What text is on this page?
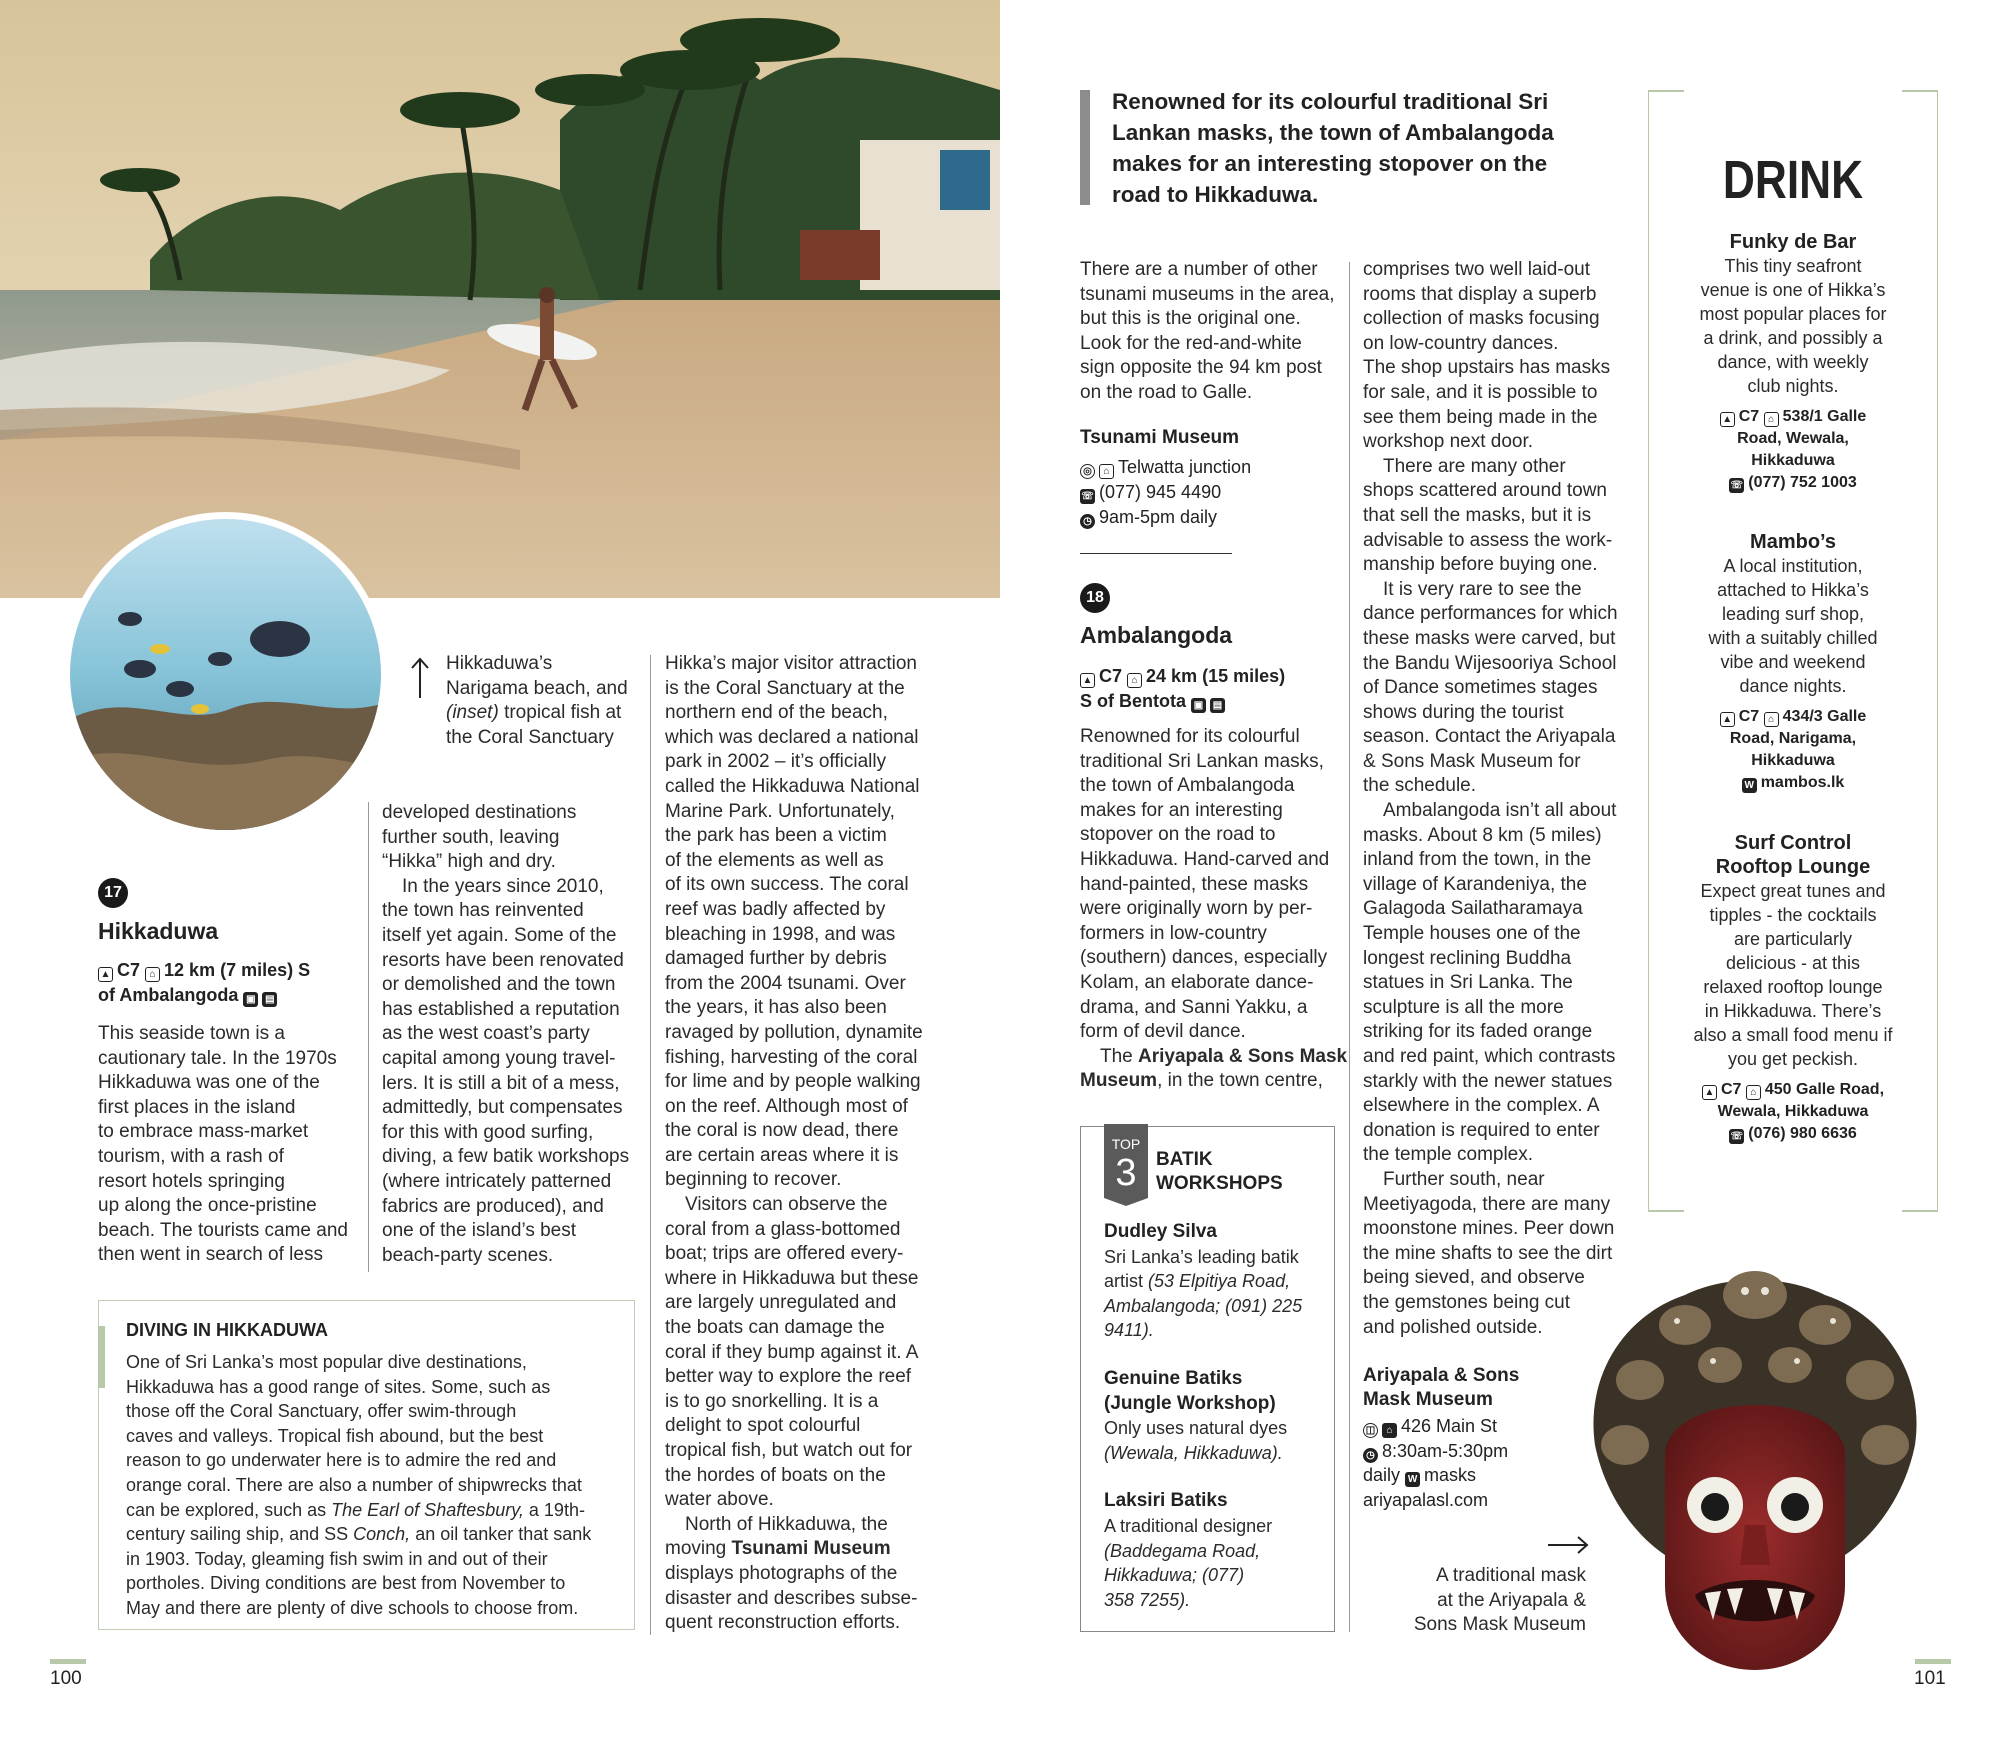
Hikkaduwa’s

Narigama beach, and

(inset) tropical fish at

the Coral Sanctuary

17
Hikkaduwa
▲ C7 ⌂ 12 km (7 miles) S
of Ambalangoda ▣ ▤

This seaside town is a

cautionary tale. In the 1970s

Hikkaduwa was one of the

first places in the island

to embrace mass-market

tourism, with a rash of

resort hotels springing

up along the once-pristine

beach. The tourists came and

then went in search of less

developed destinations

further south, leaving

“Hikka” high and dry.

In the years since 2010,

the town has reinvented

itself yet again. Some of the

resorts have been renovated

or demolished and the town

has established a reputation

as the west coast’s party

capital among young travel-

lers. It is still a bit of a mess,

admittedly, but compensates

for this with good surfing,

diving, a few batik workshops

(where intricately patterned

fabrics are produced), and

one of the island’s best

beach-party scenes.

Hikka’s major visitor attraction

is the Coral Sanctuary at the

northern end of the beach,

which was declared a national

park in 2002 – it’s officially

called the Hikkaduwa National

Marine Park. Unfortunately,

the park has been a victim

of the elements as well as

of its own success. The coral

reef was badly affected by

bleaching in 1998, and was

damaged further by debris

from the 2004 tsunami. Over

the years, it has also been

ravaged by pollution, dynamite

fishing, harvesting of the coral

for lime and by people walking

on the reef. Although most of

the coral is now dead, there

are certain areas where it is

beginning to recover.

Visitors can observe the

coral from a glass-bottomed

boat; trips are offered every-

where in Hikkaduwa but these

are largely unregulated and

the boats can damage the

coral if they bump against it. A

better way to explore the reef

is to go snorkelling. It is a

delight to spot colourful

tropical fish, but watch out for

the hordes of boats on the

water above.

North of Hikkaduwa, the

moving Tsunami Museum

displays photographs of the

disaster and describes subse-

quent reconstruction efforts.

DIVING IN HIKKADUWA

One of Sri Lanka’s most popular dive destinations,

Hikkaduwa has a good range of sites. Some, such as

those off the Coral Sanctuary, offer swim-through

caves and valleys. Tropical fish abound, but the best

reason to go underwater here is to admire the red and

orange coral. There are also a number of shipwrecks that

can be explored, such as The Earl of Shaftesbury, a 19th-

century sailing ship, and SS Conch, an oil tanker that sank

in 1903. Today, gleaming fish swim in and out of their

portholes. Diving conditions are best from November to

May and there are plenty of dive schools to choose from.

100	101
Renowned for its colourful traditional Sri
Lankan masks, the town of Ambalangoda
makes for an interesting stopover on the
road to Hikkaduwa.

There are a number of other

tsunami museums in the area,

but this is the original one.

Look for the red-and-white

sign opposite the 94 km post

on the road to Galle.

Tsunami Museum
◎ ⌂ Telwatta junction
☏ (077) 945 4490
◷ 9am-5pm daily
18
Ambalangoda
▲ C7 ⌂ 24 km (15 miles)
S of Bentota ▣ ▤

Renowned for its colourful

traditional Sri Lankan masks,

the town of Ambalangoda

makes for an interesting

stopover on the road to

Hikkaduwa. Hand-carved and

hand-painted, these masks

were originally worn by per-

formers in low-country

(southern) dances, especially

Kolam, an elaborate dance-

drama, and Sanni Yakku, a

form of devil dance.

The Ariyapala & Sons Mask

Museum, in the town centre,

TOP
3	BATIK
WORKSHOPS
Dudley Silva
Sri Lanka’s leading batik
artist (53 Elpitiya Road,
Ambalangoda; (091) 225
9411).
Genuine Batiks
(Jungle Workshop)
Only uses natural dyes
(Wewala, Hikkaduwa).
Laksiri Batiks
A traditional designer
(Baddegama Road,
Hikkaduwa; (077)
358 7255).

comprises two well laid-out

rooms that display a superb

collection of masks focusing

on low-country dances.

The shop upstairs has masks

for sale, and it is possible to

see them being made in the

workshop next door.

There are many other

shops scattered around town

that sell the masks, but it is

advisable to assess the work-

manship before buying one.

It is very rare to see the

dance performances for which

these masks were carved, but

the Bandu Wijesooriya School

of Dance sometimes stages

shows during the tourist

season. Contact the Ariyapala

& Sons Mask Museum for

the schedule.

Ambalangoda isn’t all about

masks. About 8 km (5 miles)

inland from the town, in the

village of Karandeniya, the

Galagoda Sailatharamaya

Temple houses one of the

longest reclining Buddha

statues in Sri Lanka. The

sculpture is all the more

striking for its faded orange

and red paint, which contrasts

starkly with the newer statues

elsewhere in the complex. A

donation is required to enter

the temple complex.

Further south, near

Meetiyagoda, there are many

moonstone mines. Peer down

the mine shafts to see the dirt

being sieved, and observe

the gemstones being cut

and polished outside.

Ariyapala & Sons
Mask Museum
◫ ⌂ 426 Main St
◷ 8:30am-5:30pm
daily W masks
ariyapalasl.com

A traditional mask

at the Ariyapala &

Sons Mask Museum

DRINK
Funky de Bar
This tiny seafront
venue is one of Hikka’s
most popular places for
a drink, and possibly a
dance, with weekly
club nights.
▲ C7 ⌂ 538/1 Galle
Road, Wewala,
Hikkaduwa
☏ (077) 752 1003
Mambo’s
A local institution,
attached to Hikka’s
leading surf shop,
with a suitably chilled
vibe and weekend
dance nights.
▲ C7 ⌂ 434/3 Galle
Road, Narigama,
Hikkaduwa
W mambos.lk
Surf Control
Rooftop Lounge
Expect great tunes and
tipples - the cocktails
are particularly
delicious - at this
relaxed rooftop lounge
in Hikkaduwa. There’s
also a small food menu if
you get peckish.
▲ C7 ⌂ 450 Galle Road,
Wewala, Hikkaduwa
☏ (076) 980 6636
